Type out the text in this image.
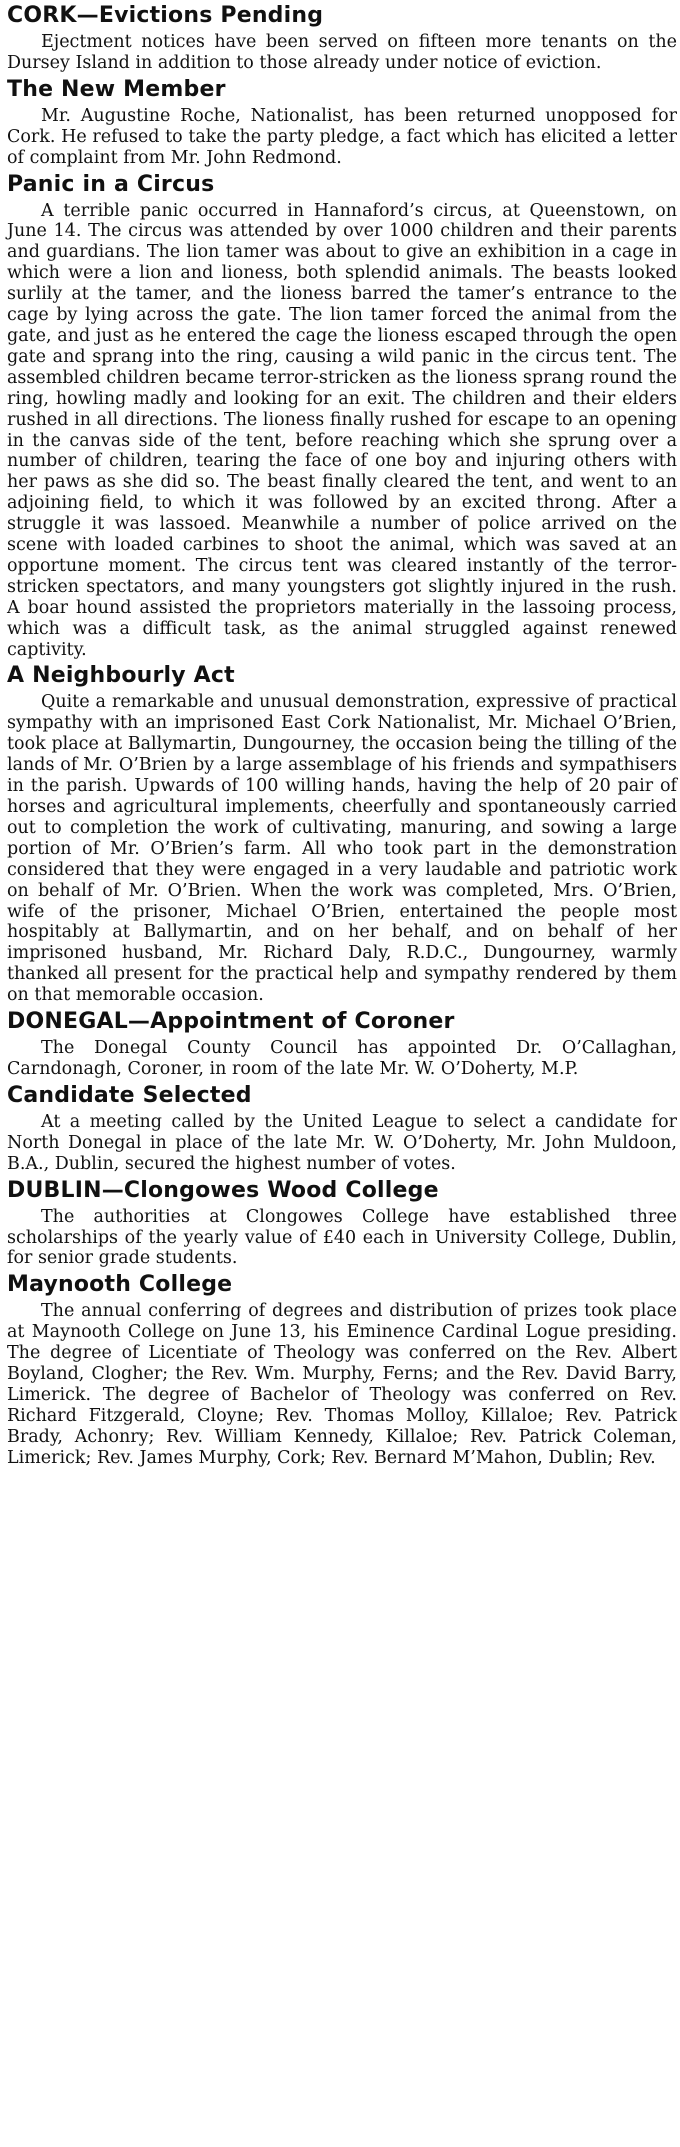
CORK—Evictions Pending

Ejectment notices have been served on fifteen more tenants on the Dursey Island in addition to those already under notice of eviction.

The New Member

Mr. Augustine Roche, Nationalist, has been returned unopposed for Cork. He refused to take the party pledge, a fact which has elicited a letter of complaint from Mr. John Redmond.

Panic in a Circus

A terrible panic occurred in Hannaford’s circus, at Queenstown, on June 14. The circus was attended by over 1000 children and their parents and guardians. The lion tamer was about to give an exhibition in a cage in which were a lion and lioness, both splendid animals. The beasts looked surlily at the tamer, and the lioness barred the tamer’s entrance to the cage by lying across the gate. The lion tamer forced the animal from the gate, and just as he entered the cage the lioness escaped through the open gate and sprang into the ring, causing a wild panic in the circus tent. The assembled children became terror-stricken as the lioness sprang round the ring, howling madly and looking for an exit. The children and their elders rushed in all directions. The lioness finally rushed for escape to an opening in the canvas side of the tent, before reaching which she sprung over a number of children, tearing the face of one boy and injuring others with her paws as she did so. The beast finally cleared the tent, and went to an adjoining field, to which it was followed by an excited throng. After a struggle it was lassoed. Meanwhile a number of police arrived on the scene with loaded carbines to shoot the animal, which was saved at an opportune moment. The circus tent was cleared instantly of the terror-stricken spectators, and many youngsters got slightly injured in the rush. A boar hound assisted the proprietors materially in the lassoing process, which was a difficult task, as the animal struggled against renewed captivity.

A Neighbourly Act

Quite a remarkable and unusual demonstration, expressive of practical sympathy with an imprisoned East Cork Nationalist, Mr. Michael O’Brien, took place at Ballymartin, Dungourney, the occasion being the tilling of the lands of Mr. O’Brien by a large assemblage of his friends and sympathisers in the parish. Upwards of 100 willing hands, having the help of 20 pair of horses and agricultural implements, cheerfully and spontaneously carried out to completion the work of cultivating, manuring, and sowing a large portion of Mr. O’Brien’s farm. All who took part in the demonstration considered that they were engaged in a very laudable and patriotic work on behalf of Mr. O’Brien. When the work was completed, Mrs. O’Brien, wife of the prisoner, Michael O’Brien, entertained the people most hospitably at Ballymartin, and on her behalf, and on behalf of her imprisoned husband, Mr. Richard Daly, R.D.C., Dungourney, warmly thanked all present for the practical help and sympathy rendered by them on that memorable occasion.

DONEGAL—Appointment of Coroner

The Donegal County Council has appointed Dr. O’Callaghan, Carndonagh, Coroner, in room of the late Mr. W. O’Doherty, M.P.

Candidate Selected

At a meeting called by the United League to select a candidate for North Donegal in place of the late Mr. W. O’Doherty, Mr. John Muldoon, B.A., Dublin, secured the highest number of votes.

DUBLIN—Clongowes Wood College

The authorities at Clongowes College have established three scholarships of the yearly value of £40 each in University College, Dublin, for senior grade students.

Maynooth College

The annual conferring of degrees and distribution of prizes took place at Maynooth College on June 13, his Eminence Cardinal Logue presiding. The degree of Licentiate of Theology was conferred on the Rev. Albert Boyland, Clogher; the Rev. Wm. Murphy, Ferns; and the Rev. David Barry, Limerick. The degree of Bachelor of Theology was conferred on Rev. Richard Fitzgerald, Cloyne; Rev. Thomas Molloy, Killaloe; Rev. Patrick Brady, Achonry; Rev. William Kennedy, Killaloe; Rev. Patrick Coleman, Limerick; Rev. James Murphy, Cork; Rev. Bernard M’Mahon, Dublin; Rev.
